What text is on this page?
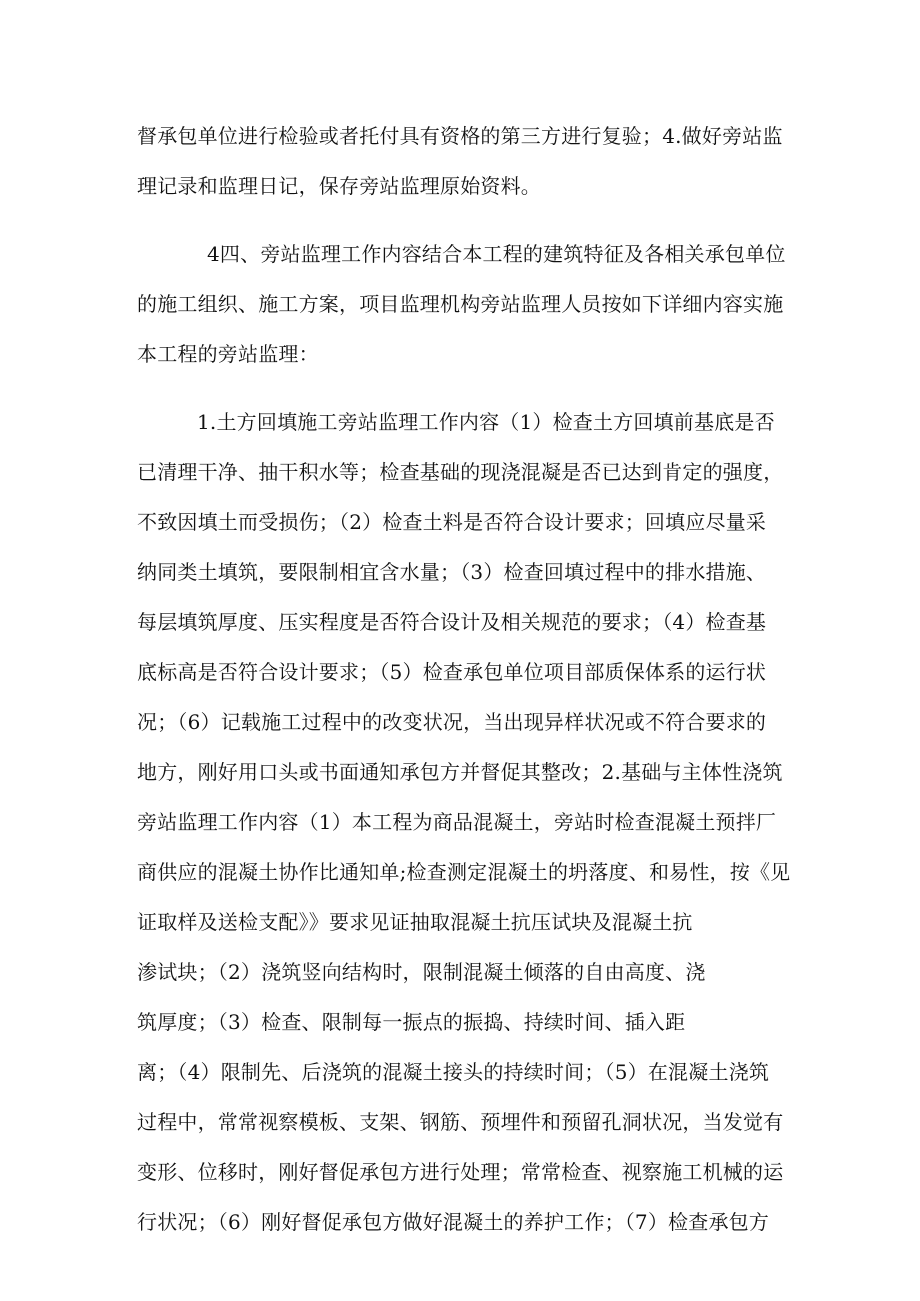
督承包单位进行检验或者托付具有资格的第三方进行复验；4.做好旁站监
理记录和监理日记，保存旁站监理原始资料。
4四、旁站监理工作内容结合本工程的建筑特征及各相关承包单位
的施工组织、施工方案，项目监理机构旁站监理人员按如下详细内容实施
本工程的旁站监理：
1.土方回填施工旁站监理工作内容（1）检查土方回填前基底是否
已清理干净、抽干积水等；检查基础的现浇混凝是否已达到肯定的强度，
不致因填土而受损伤；（2）检查土料是否符合设计要求；回填应尽量采
纳同类土填筑，要限制相宜含水量；（3）检查回填过程中的排水措施、
每层填筑厚度、压实程度是否符合设计及相关规范的要求；（4）检查基
底标高是否符合设计要求；（5）检查承包单位项目部质保体系的运行状
况；（6）记载施工过程中的改变状况，当出现异样状况或不符合要求的
地方，刚好用口头或书面通知承包方并督促其整改；2.基础与主体性浇筑
旁站监理工作内容（1）本工程为商品混凝土，旁站时检查混凝土预拌厂
商供应的混凝土协作比通知单;检查测定混凝土的坍落度、和易性，按《见
证取样及送检支配》》要求见证抽取混凝土抗压试块及混凝土抗
渗试块；（2）浇筑竖向结构时，限制混凝土倾落的自由高度、浇
筑厚度；（3）检查、限制每一振点的振捣、持续时间、插入距
离；（4）限制先、后浇筑的混凝土接头的持续时间；（5）在混凝土浇筑
过程中，常常视察模板、支架、钢筋、预埋件和预留孔洞状况，当发觉有
变形、位移时，刚好督促承包方进行处理；常常检查、视察施工机械的运
行状况；（6）刚好督促承包方做好混凝土的养护工作；（7）检查承包方
